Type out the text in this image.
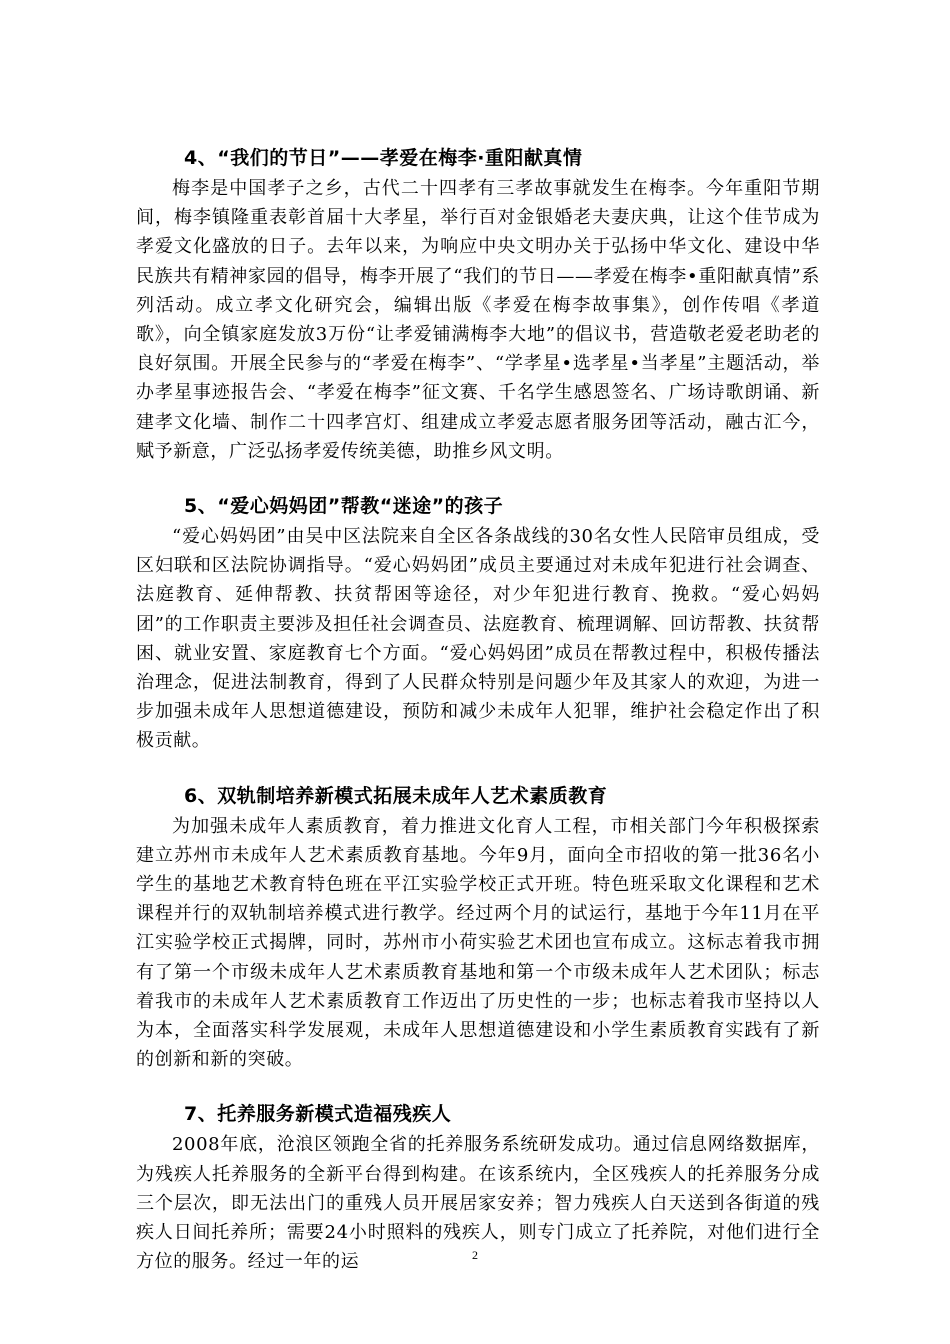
4、“我们的节日”——孝爱在梅李·重阳献真情

梅李是中国孝子之乡，古代二十四孝有三孝故事就发生在梅李。今年重阳节期间，梅李镇隆重表彰首届十大孝星，举行百对金银婚老夫妻庆典，让这个佳节成为孝爱文化盛放的日子。去年以来，为响应中央文明办关于弘扬中华文化、建设中华民族共有精神家园的倡导，梅李开展了“我们的节日——孝爱在梅李•重阳献真情”系列活动。成立孝文化研究会，编辑出版《孝爱在梅李故事集》，创作传唱《孝道歌》，向全镇家庭发放3万份“让孝爱铺满梅李大地”的倡议书，营造敬老爱老助老的良好氛围。开展全民参与的“孝爱在梅李”、“学孝星•选孝星•当孝星”主题活动，举办孝星事迹报告会、“孝爱在梅李”征文赛、千名学生感恩签名、广场诗歌朗诵、新建孝文化墙、制作二十四孝宫灯、组建成立孝爱志愿者服务团等活动，融古汇今，赋予新意，广泛弘扬孝爱传统美德，助推乡风文明。

5、“爱心妈妈团”帮教“迷途”的孩子

“爱心妈妈团”由吴中区法院来自全区各条战线的30名女性人民陪审员组成，受区妇联和区法院协调指导。“爱心妈妈团”成员主要通过对未成年犯进行社会调查、法庭教育、延伸帮教、扶贫帮困等途径，对少年犯进行教育、挽救。“爱心妈妈团”的工作职责主要涉及担任社会调查员、法庭教育、梳理调解、回访帮教、扶贫帮困、就业安置、家庭教育七个方面。“爱心妈妈团”成员在帮教过程中，积极传播法治理念，促进法制教育，得到了人民群众特别是问题少年及其家人的欢迎，为进一步加强未成年人思想道德建设，预防和减少未成年人犯罪，维护社会稳定作出了积极贡献。

6、双轨制培养新模式拓展未成年人艺术素质教育

为加强未成年人素质教育，着力推进文化育人工程，市相关部门今年积极探索建立苏州市未成年人艺术素质教育基地。今年9月，面向全市招收的第一批36名小学生的基地艺术教育特色班在平江实验学校正式开班。特色班采取文化课程和艺术课程并行的双轨制培养模式进行教学。经过两个月的试运行，基地于今年11月在平江实验学校正式揭牌，同时，苏州市小荷实验艺术团也宣布成立。这标志着我市拥有了第一个市级未成年人艺术素质教育基地和第一个市级未成年人艺术团队；标志着我市的未成年人艺术素质教育工作迈出了历史性的一步；也标志着我市坚持以人为本，全面落实科学发展观，未成年人思想道德建设和小学生素质教育实践有了新的创新和新的突破。

7、托养服务新模式造福残疾人

2008年底，沧浪区领跑全省的托养服务系统研发成功。通过信息网络数据库，为残疾人托养服务的全新平台得到构建。在该系统内，全区残疾人的托养服务分成三个层次，即无法出门的重残人员开展居家安养；智力残疾人白天送到各街道的残疾人日间托养所；需要24小时照料的残疾人，则专门成立了托养院，对他们进行全方位的服务。经过一年的运	2
